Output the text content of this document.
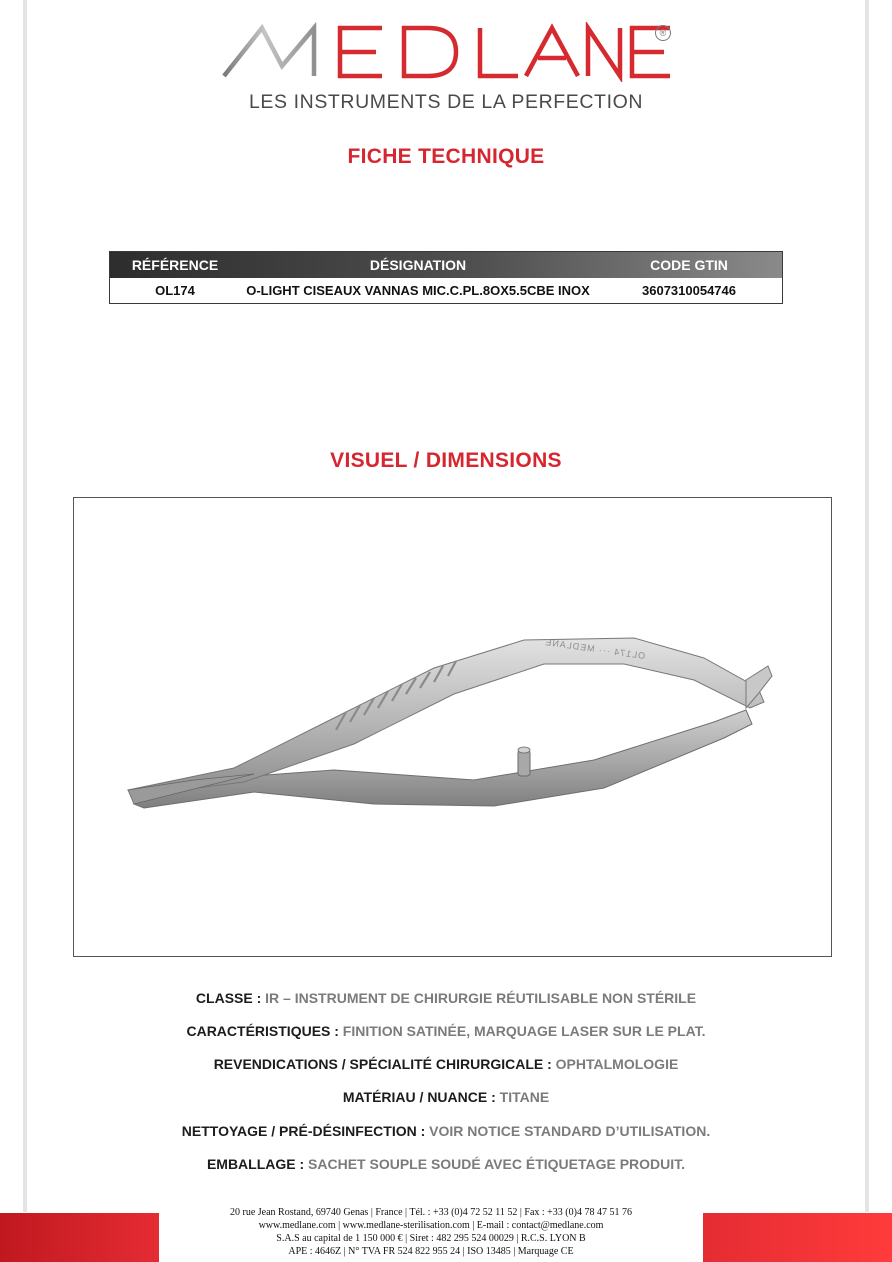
®
LES INSTRUMENTS DE LA PERFECTION
FICHE TECHNIQUE
RÉFÉRENCE	DÉSIGNATION	CODE GTIN
OL174	O-LIGHT CISEAUX VANNAS MIC.C.PL.8OX5.5CBE INOX	3607310054746
VISUEL / DIMENSIONS
OL174 ··· MEDLANE
CLASSE : IR – INSTRUMENT DE CHIRURGIE RÉUTILISABLE NON STÉRILE
CARACTÉRISTIQUES : FINITION SATINÉE, MARQUAGE LASER SUR LE PLAT.
REVENDICATIONS / SPÉCIALITÉ CHIRURGICALE : OPHTALMOLOGIE
MATÉRIAU / NUANCE : TITANE
NETTOYAGE / PRÉ-DÉSINFECTION : VOIR NOTICE STANDARD D’UTILISATION.
EMBALLAGE : SACHET SOUPLE SOUDÉ AVEC ÉTIQUETAGE PRODUIT.
20 rue Jean Rostand, 69740 Genas | France | Tél. : +33 (0)4 72 52 11 52 | Fax : +33 (0)4 78 47 51 76
www.medlane.com | www.medlane-sterilisation.com | E-mail : contact@medlane.com
S.A.S au capital de 1 150 000 € | Siret : 482 295 524 00029 | R.C.S. LYON B
APE : 4646Z | N° TVA FR 524 822 955 24 | ISO 13485 | Marquage CE
